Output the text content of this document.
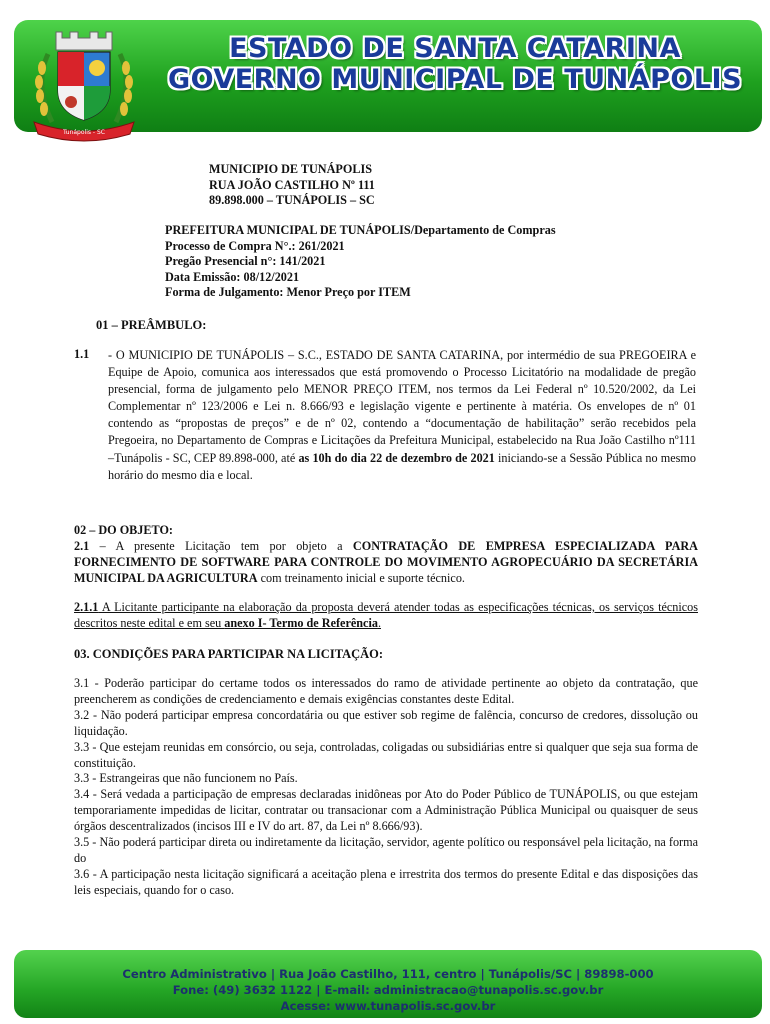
Tunápolis - SC
ESTADO DE SANTA CATARINA
GOVERNO MUNICIPAL DE TUNÁPOLIS
MUNICIPIO DE TUNÁPOLIS
RUA JOÃO CASTILHO Nº 111
89.898.000 – TUNÁPOLIS – SC
PREFEITURA MUNICIPAL DE TUNÁPOLIS/Departamento de Compras
Processo de Compra N°.: 261/2021
Pregão Presencial n°: 141/2021
Data Emissão: 08/12/2021
Forma de Julgamento: Menor Preço por ITEM
01 – PREÂMBULO:
1.1 - O MUNICIPIO DE TUNÁPOLIS – S.C., ESTADO DE SANTA CATARINA, por intermédio de sua PREGOEIRA e Equipe de Apoio, comunica aos interessados que está promovendo o Processo Licitatório na modalidade de pregão presencial, forma de julgamento pelo MENOR PREÇO ITEM, nos termos da Lei Federal nº 10.520/2002, da Lei Complementar nº 123/2006 e Lei n. 8.666/93 e legislação vigente e pertinente à matéria. Os envelopes de nº 01 contendo as “propostas de preços” e de nº 02, contendo a “documentação de habilitação” serão recebidos pela Pregoeira, no Departamento de Compras e Licitações da Prefeitura Municipal, estabelecido na Rua João Castilho nº111 –Tunápolis - SC, CEP 89.898-000, até as 10h do dia 22 de dezembro de 2021 iniciando-se a Sessão Pública no mesmo horário do mesmo dia e local.
02 – DO OBJETO:
2.1 – A presente Licitação tem por objeto a CONTRATAÇÃO DE EMPRESA ESPECIALIZADA PARA FORNECIMENTO DE SOFTWARE PARA CONTROLE DO MOVIMENTO AGROPECUÁRIO DA SECRETÁRIA MUNICIPAL DA AGRICULTURA com treinamento inicial e suporte técnico.
2.1.1 A Licitante participante na elaboração da proposta deverá atender todas as especificações técnicas, os serviços técnicos descritos neste edital e em seu anexo I- Termo de Referência.
03. CONDIÇÕES PARA PARTICIPAR NA LICITAÇÃO:

3.1 - Poderão participar do certame todos os interessados do ramo de atividade pertinente ao objeto da contratação, que preencherem as condições de credenciamento e demais exigências constantes deste Edital.

3.2 - Não poderá participar empresa concordatária ou que estiver sob regime de falência, concurso de credores, dissolução ou liquidação.

3.3 - Que estejam reunidas em consórcio, ou seja, controladas, coligadas ou subsidiárias entre si qualquer que seja sua forma de constituição.

3.3 - Estrangeiras que não funcionem no País.

3.4 - Será vedada a participação de empresas declaradas inidôneas por Ato do Poder Público de TUNÁPOLIS, ou que estejam temporariamente impedidas de licitar, contratar ou transacionar com a Administração Pública Municipal ou quaisquer de seus órgãos descentralizados (incisos III e IV do art. 87, da Lei nº 8.666/93).

3.5 - Não poderá participar direta ou indiretamente da licitação, servidor, agente político ou responsável pela licitação, na forma do

3.6 - A participação nesta licitação significará a aceitação plena e irrestrita dos termos do presente Edital e das disposições das leis especiais, quando for o caso.

Centro Administrativo | Rua João Castilho, 111, centro | Tunápolis/SC | 89898-000
Fone: (49) 3632 1122 | E-mail: administracao@tunapolis.sc.gov.br
Acesse: www.tunapolis.sc.gov.br
